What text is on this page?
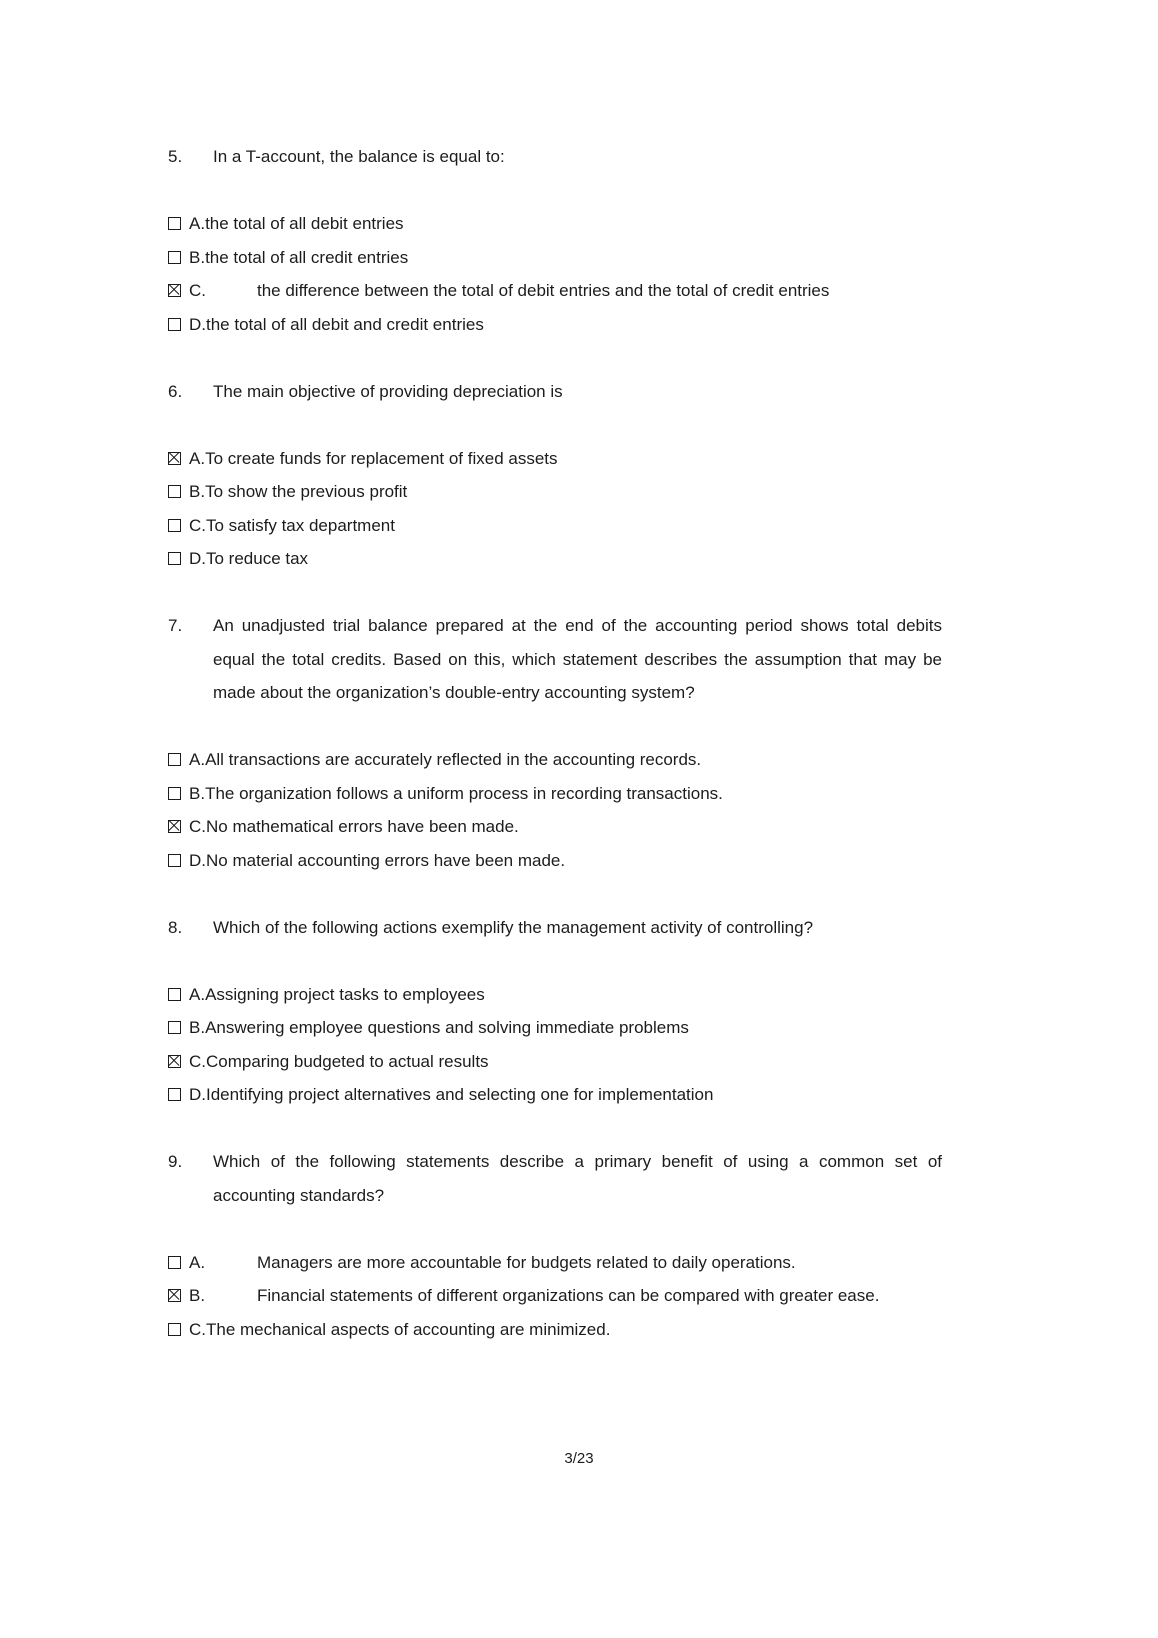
5. In a T-account, the balance is equal to:

A.the total of all debit entries
B.the total of all credit entries
C.	the difference between the total of debit entries and the total of credit entries
D.the total of all debit and credit entries

6. The main objective of providing depreciation is

A.To create funds for replacement of fixed assets
B.To show the previous profit
C.To satisfy tax department
D.To reduce tax

7. An unadjusted trial balance prepared at the end of the accounting period shows total debits equal the total credits. Based on this, which statement describes the assumption that may be made about the organization’s double-entry accounting system?

A.All transactions are accurately reflected in the accounting records.
B.The organization follows a uniform process in recording transactions.
C.No mathematical errors have been made.
D.No material accounting errors have been made.

8. Which of the following actions exemplify the management activity of controlling?

A.Assigning project tasks to employees
B.Answering employee questions and solving immediate problems
C.Comparing budgeted to actual results
D.Identifying project alternatives and selecting one for implementation

9. Which of the following statements describe a primary benefit of using a common set of accounting standards?

A.	Managers are more accountable for budgets related to daily operations.
B.	Financial statements of different organizations can be compared with greater ease.
C.The mechanical aspects of accounting are minimized.
3/23
